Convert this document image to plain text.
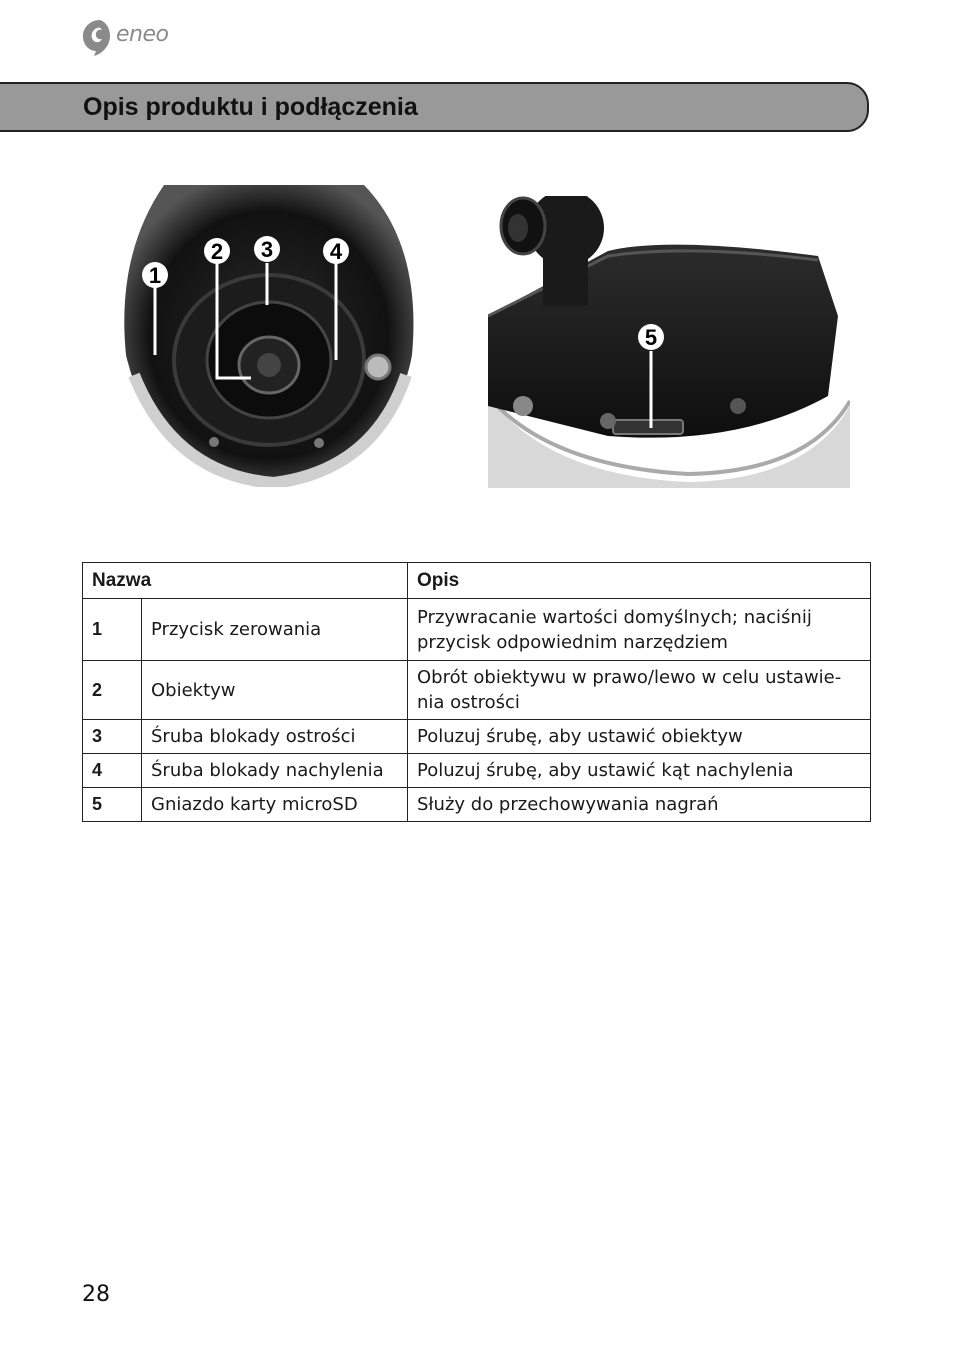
eneo
Opis produktu i podłączenia
1
2 3	4
5
Nazwa		Opis
1	Przycisk zerowania	Przywracanie wartości domyślnych; naciśnij przycisk odpowiednim narzędziem
2	Obiektyw	Obrót obiektywu w prawo/lewo w celu ustawie-nia ostrości
3	Śruba blokady ostrości	Poluzuj śrubę, aby ustawić obiektyw
4	Śruba blokady nachylenia	Poluzuj śrubę, aby ustawić kąt nachylenia
5	Gniazdo karty microSD	Służy do przechowywania nagrań
28
